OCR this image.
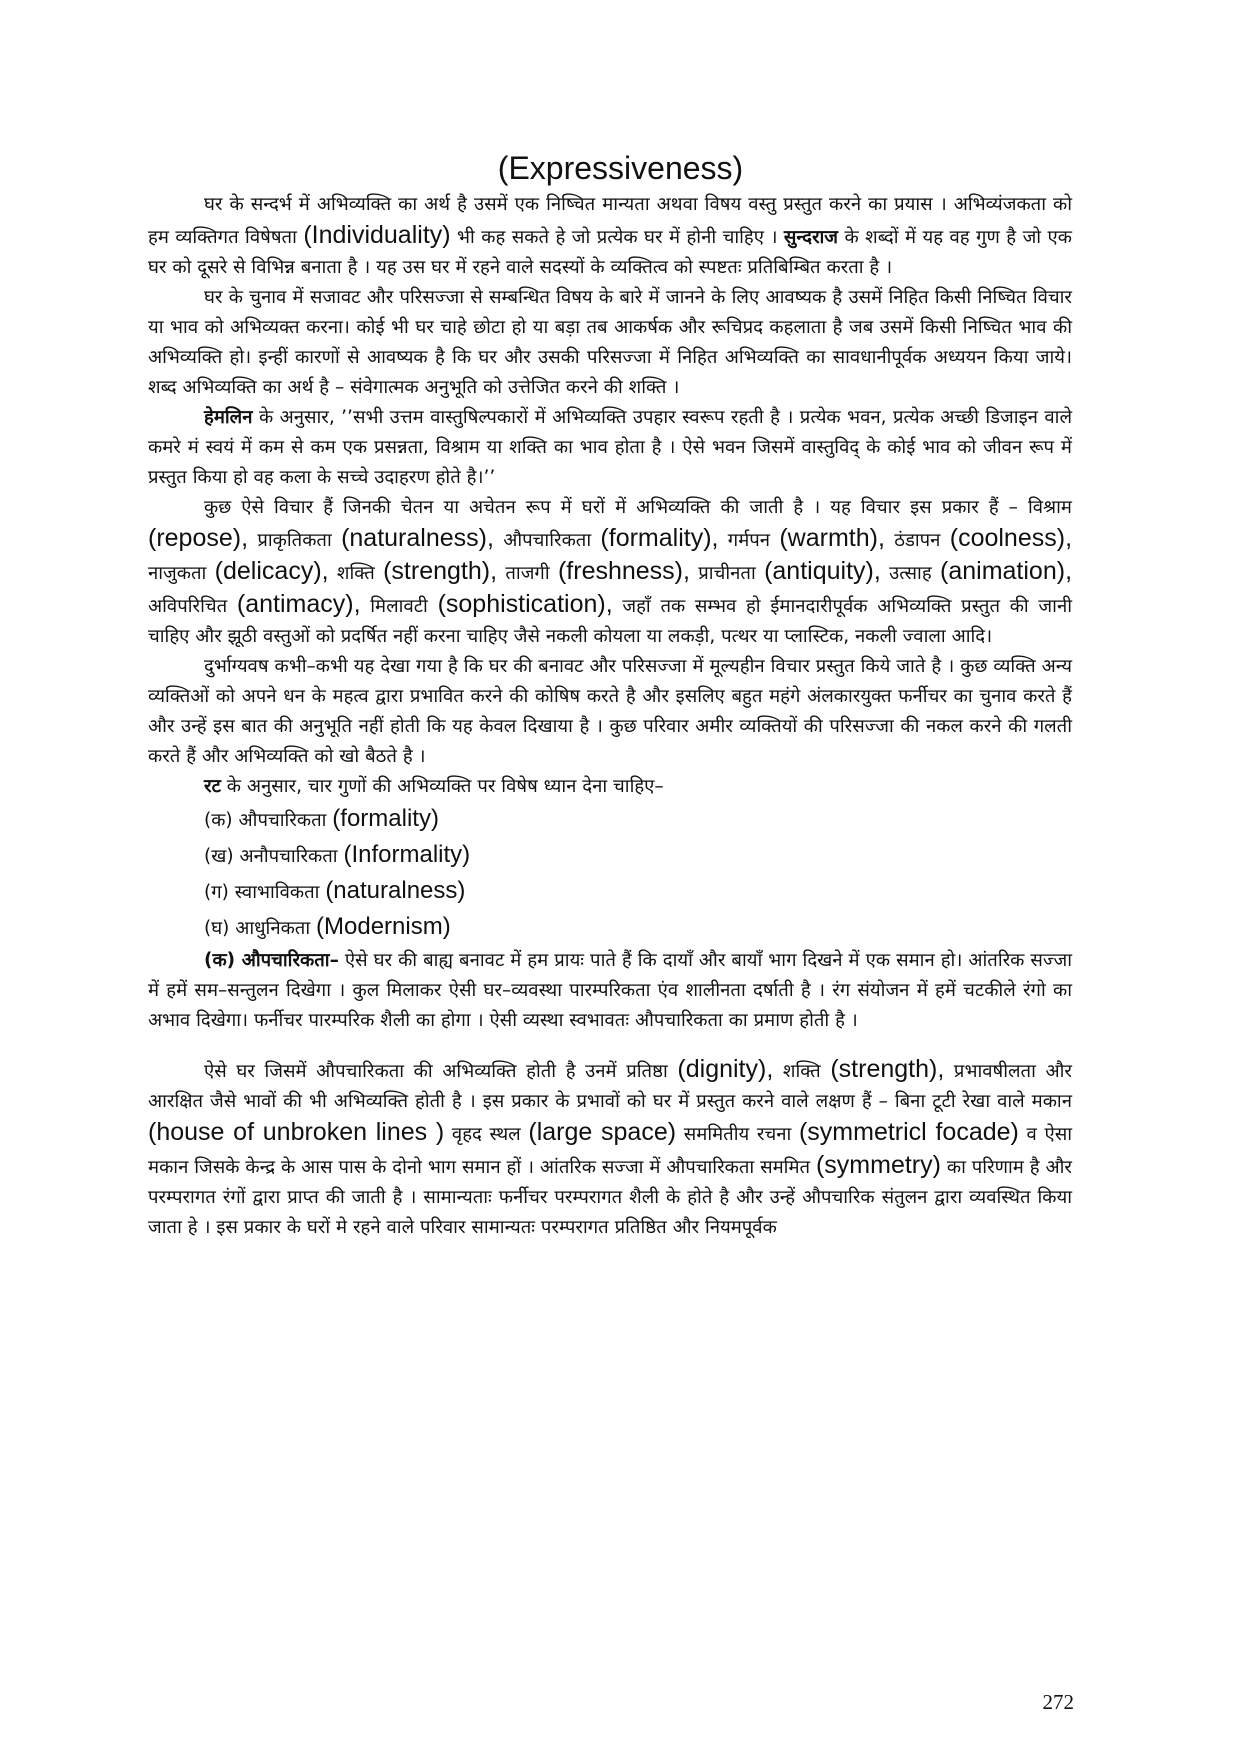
(Expressiveness)

घर के सन्दर्भ में अभिव्यक्ति का अर्थ है उसमें एक निष्चित मान्यता अथवा विषय वस्तु प्रस्तुत करने का प्रयास । अभिव्यंजकता को हम व्यक्तिगत विषेषता (Individuality) भी कह सकते हे जो प्रत्येक घर में होनी चाहिए । सुन्दराज के शब्दों में यह वह गुण है जो एक घर को दूसरे से विभिन्न बनाता है । यह उस घर में रहने वाले सदस्यों के व्यक्तित्व को स्पष्टतः प्रतिबिम्बित करता है ।

घर के चुनाव में सजावट और परिसज्जा से सम्बन्धित विषय के बारे में जानने के लिए आवष्यक है उसमें निहित किसी निष्चित विचार या भाव को अभिव्यक्त करना। कोई भी घर चाहे छोटा हो या बड़ा तब आकर्षक और रूचिप्रद कहलाता है जब उसमें किसी निष्चित भाव की अभिव्यक्ति हो। इन्हीं कारणों से आवष्यक है कि घर और उसकी परिसज्जा में निहित अभिव्यक्ति का सावधानीपूर्वक अध्ययन किया जाये। शब्द अभिव्यक्ति का अर्थ है – संवेगात्मक अनुभूति को उत्तेजित करने की शक्ति ।

हेमलिन के अनुसार, ’’सभी उत्तम वास्तुषिल्पकारों में अभिव्यक्ति उपहार स्वरूप रहती है । प्रत्येक भवन, प्रत्येक अच्छी डिजाइन वाले कमरे मं स्वयं में कम से कम एक प्रसन्नता, विश्राम या शक्ति का भाव होता है । ऐसे भवन जिसमें वास्तुविद् के कोई भाव को जीवन रूप में प्रस्तुत किया हो वह कला के सच्चे उदाहरण होते है।’’

कुछ ऐसे विचार हैं जिनकी चेतन या अचेतन रूप में घरों में अभिव्यक्ति की जाती है । यह विचार इस प्रकार हैं – विश्राम (repose), प्राकृतिकता (naturalness), औपचारिकता (formality), गर्मपन (warmth), ठंडापन (coolness), नाजुकता (delicacy), शक्ति (strength), ताजगी (freshness), प्राचीनता (antiquity), उत्साह (animation), अविपरिचित (antimacy), मिलावटी (sophistication), जहाँ तक सम्भव हो ईमानदारीपूर्वक अभिव्यक्ति प्रस्तुत की जानी चाहिए और झूठी वस्तुओं को प्रदर्षित नहीं करना चाहिए जैसे नकली कोयला या लकड़ी, पत्थर या प्लास्टिक, नकली ज्वाला आदि।

दुर्भाग्यवष कभी–कभी यह देखा गया है कि घर की बनावट और परिसज्जा में मूल्यहीन विचार प्रस्तुत किये जाते है । कुछ व्यक्ति अन्य व्यक्तिओं को अपने धन के महत्व द्वारा प्रभावित करने की कोषिष करते है और इसलिए बहुत महंगे अंलकारयुक्त फर्नीचर का चुनाव करते हैं और उन्हें इस बात की अनुभूति नहीं होती कि यह केवल दिखाया है । कुछ परिवार अमीर व्यक्तियों की परिसज्जा की नकल करने की गलती करते हैं और अभिव्यक्ति को खो बैठते है ।

रट के अनुसार, चार गुणों की अभिव्यक्ति पर विषेष ध्यान देना चाहिए–

(क) औपचारिकता (formality)
(ख) अनौपचारिकता (Informality)
(ग) स्वाभाविकता (naturalness)
(घ) आधुनिकता (Modernism)

(क) औपचारिकता– ऐसे घर की बाह्य बनावट में हम प्रायः पाते हैं कि दायाँ और बायाँ भाग दिखने में एक समान हो। आंतरिक सज्जा में हमें सम–सन्तुलन दिखेगा । कुल मिलाकर ऐसी घर–व्यवस्था पारम्परिकता एंव शालीनता दर्षाती है । रंग संयोजन में हमें चटकीले रंगो का अभाव दिखेगा। फर्नीचर पारम्परिक शैली का होगा । ऐसी व्यस्था स्वभावतः औपचारिकता का प्रमाण होती है ।

ऐसे घर जिसमें औपचारिकता की अभिव्यक्ति होती है उनमें प्रतिष्ठा (dignity), शक्ति (strength), प्रभावषीलता और आरक्षित जैसे भावों की भी अभिव्यक्ति होती है । इस प्रकार के प्रभावों को घर में प्रस्तुत करने वाले लक्षण हैं – बिना टूटी रेखा वाले मकान (house of unbroken lines ) वृहद स्थल (large space) सममितीय रचना (symmetricl focade) व ऐसा मकान जिसके केन्द्र के आस पास के दोनो भाग समान हों । आंतरिक सज्जा में औपचारिकता सममित (symmetry) का परिणाम है और परम्परागत रंगों द्वारा प्राप्त की जाती है । सामान्यताः फर्नीचर परम्परागत शैली के होते है और उन्हें औपचारिक संतुलन द्वारा व्यवस्थित किया जाता हे । इस प्रकार के घरों मे रहने वाले परिवार सामान्यतः परम्परागत प्रतिष्ठित और नियमपूर्वक

272
